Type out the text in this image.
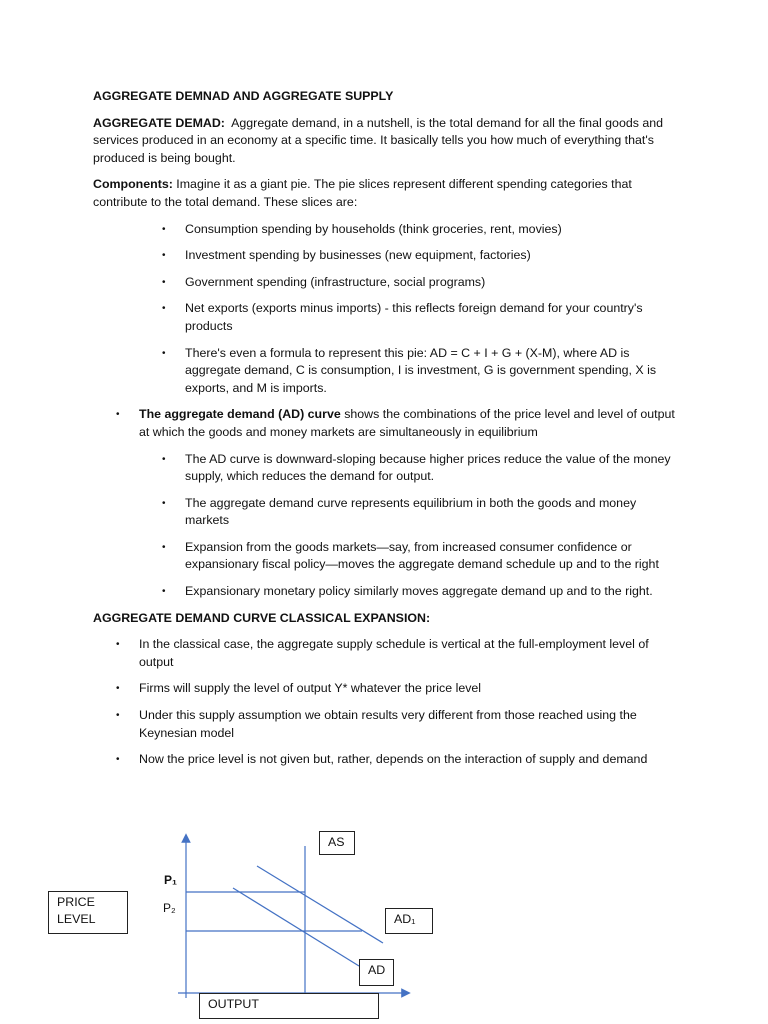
AGGREGATE DEMNAD AND AGGREGATE SUPPLY

AGGREGATE DEMAD: Aggregate demand, in a nutshell, is the total demand for all the final goods and services produced in an economy at a specific time. It basically tells you how much of everything that's produced is being bought.

Components: Imagine it as a giant pie. The pie slices represent different spending categories that contribute to the total demand. These slices are:

• Consumption spending by households (think groceries, rent, movies)
• Investment spending by businesses (new equipment, factories)
• Government spending (infrastructure, social programs)
• Net exports (exports minus imports) - this reflects foreign demand for your country's products
• There's even a formula to represent this pie: AD = C + I + G + (X-M), where AD is aggregate demand, C is consumption, I is investment, G is government spending, X is exports, and M is imports.
• The aggregate demand (AD) curve shows the combinations of the price level and level of output at which the goods and money markets are simultaneously in equilibrium
• The AD curve is downward-sloping because higher prices reduce the value of the money supply, which reduces the demand for output.
• The aggregate demand curve represents equilibrium in both the goods and money markets
• Expansion from the goods markets—say, from increased consumer confidence or expansionary fiscal policy—moves the aggregate demand schedule up and to the right
• Expansionary monetary policy similarly moves aggregate demand up and to the right.
AGGREGATE DEMAND CURVE CLASSICAL EXPANSION:
• In the classical case, the aggregate supply schedule is vertical at the full-employment level of output
• Firms will supply the level of output Y* whatever the price level
• Under this supply assumption we obtain results very different from those reached using the Keynesian model
• Now the price level is not given but, rather, depends on the interaction of supply and demand
AS
P₁
P₂
PRICE
LEVEL	AD₁
AD
OUTPUT
